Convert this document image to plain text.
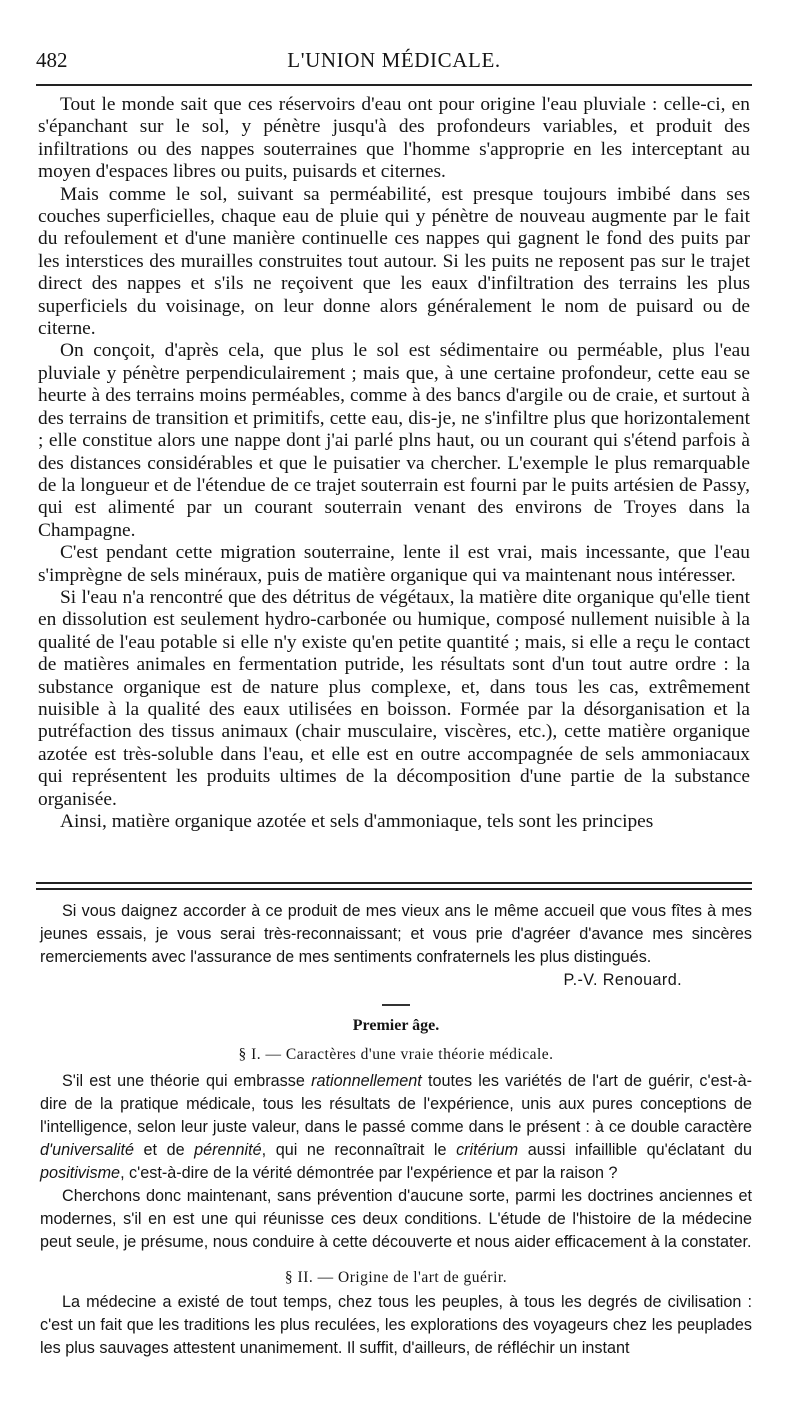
482	L'UNION MÉDICALE.

Tout le monde sait que ces réservoirs d'eau ont pour origine l'eau pluviale : celle-ci, en s'épanchant sur le sol, y pénètre jusqu'à des profondeurs variables, et produit des infiltrations ou des nappes souterraines que l'homme s'approprie en les interceptant au moyen d'espaces libres ou puits, puisards et citernes.

Mais comme le sol, suivant sa perméabilité, est presque toujours imbibé dans ses couches superficielles, chaque eau de pluie qui y pénètre de nouveau augmente par le fait du refoulement et d'une manière continuelle ces nappes qui gagnent le fond des puits par les interstices des murailles construites tout autour. Si les puits ne reposent pas sur le trajet direct des nappes et s'ils ne reçoivent que les eaux d'infiltration des terrains les plus superficiels du voisinage, on leur donne alors généralement le nom de puisard ou de citerne.

On conçoit, d'après cela, que plus le sol est sédimentaire ou perméable, plus l'eau pluviale y pénètre perpendiculairement ; mais que, à une certaine profondeur, cette eau se heurte à des terrains moins perméables, comme à des bancs d'argile ou de craie, et surtout à des terrains de transition et primitifs, cette eau, dis-je, ne s'infiltre plus que horizontalement ; elle constitue alors une nappe dont j'ai parlé plns haut, ou un courant qui s'étend parfois à des distances considérables et que le puisatier va chercher. L'exemple le plus remarquable de la longueur et de l'étendue de ce trajet souterrain est fourni par le puits artésien de Passy, qui est alimenté par un courant souterrain venant des environs de Troyes dans la Champagne.

C'est pendant cette migration souterraine, lente il est vrai, mais incessante, que l'eau s'imprègne de sels minéraux, puis de matière organique qui va maintenant nous intéresser.

Si l'eau n'a rencontré que des détritus de végétaux, la matière dite organique qu'elle tient en dissolution est seulement hydro-carbonée ou humique, composé nullement nuisible à la qualité de l'eau potable si elle n'y existe qu'en petite quantité ; mais, si elle a reçu le contact de matières animales en fermentation putride, les résultats sont d'un tout autre ordre : la substance organique est de nature plus complexe, et, dans tous les cas, extrêmement nuisible à la qualité des eaux utilisées en boisson. Formée par la désorganisation et la putréfaction des tissus animaux (chair musculaire, viscères, etc.), cette matière organique azotée est très-soluble dans l'eau, et elle est en outre accompagnée de sels ammoniacaux qui représentent les produits ultimes de la décomposition d'une partie de la substance organisée.

Ainsi, matière organique azotée et sels d'ammoniaque, tels sont les principes

Si vous daignez accorder à ce produit de mes vieux ans le même accueil que vous fîtes à mes jeunes essais, je vous serai très-reconnaissant; et vous prie d'agréer d'avance mes sincères remerciements avec l'assurance de mes sentiments confraternels les plus distingués.

P.-V. Renouard.
Premier âge.
§ I. — Caractères d'une vraie théorie médicale.

S'il est une théorie qui embrasse rationnellement toutes les variétés de l'art de guérir, c'est-à-dire de la pratique médicale, tous les résultats de l'expérience, unis aux pures conceptions de l'intelligence, selon leur juste valeur, dans le passé comme dans le présent : à ce double caractère d'universalité et de pérennité, qui ne reconnaîtrait le critérium aussi infaillible qu'éclatant du positivisme, c'est-à-dire de la vérité démontrée par l'expérience et par la raison ?

Cherchons donc maintenant, sans prévention d'aucune sorte, parmi les doctrines anciennes et modernes, s'il en est une qui réunisse ces deux conditions. L'étude de l'histoire de la médecine peut seule, je présume, nous conduire à cette découverte et nous aider efficacement à la constater.

§ II. — Origine de l'art de guérir.

La médecine a existé de tout temps, chez tous les peuples, à tous les degrés de civilisation : c'est un fait que les traditions les plus reculées, les explorations des voyageurs chez les peuplades les plus sauvages attestent unanimement. Il suffit, d'ailleurs, de réfléchir un instant
